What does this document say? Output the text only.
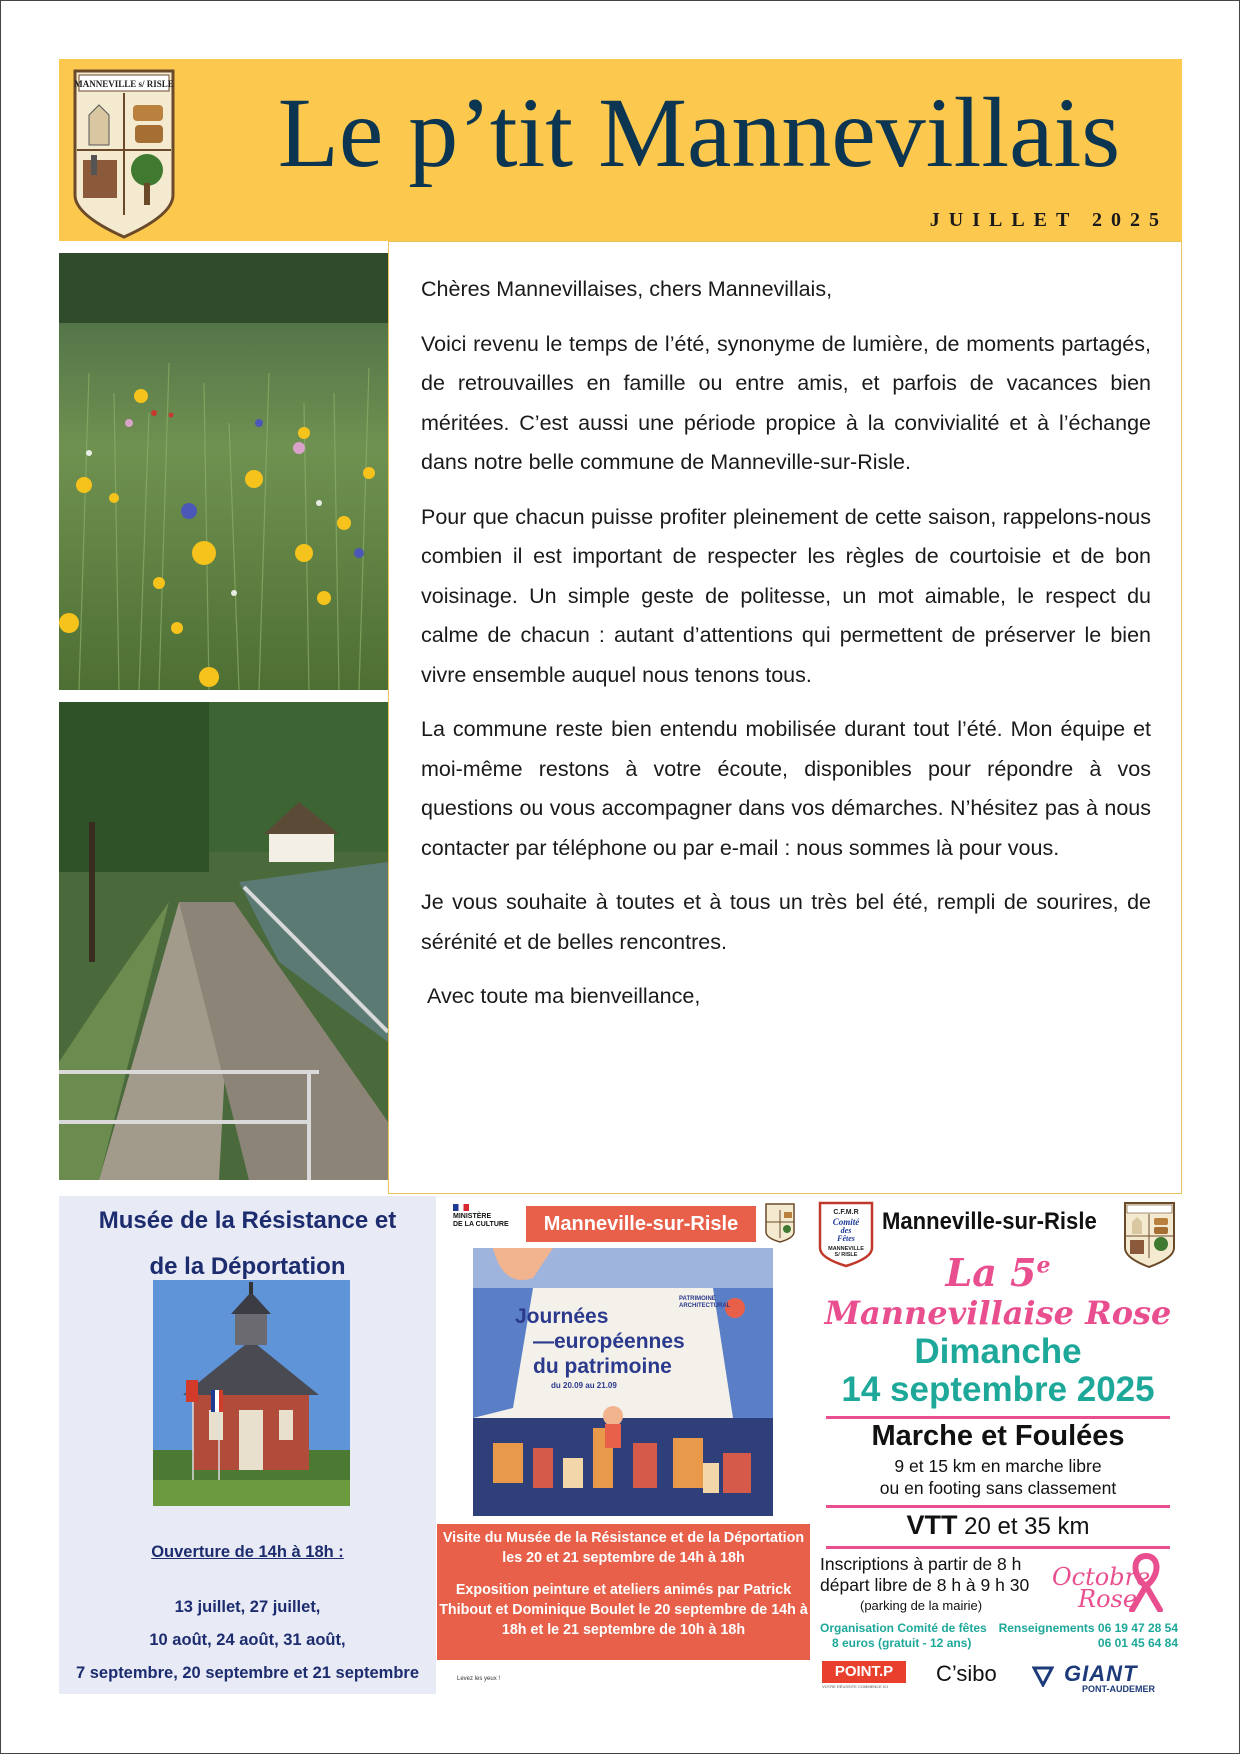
MANNEVILLE s/ RISLE	Le p’tit Mannevillais
JUILLET 2025

Chères Mannevillaises, chers Mannevillais,

Voici revenu le temps de l’été, synonyme de lumière, de moments partagés, de retrouvailles en famille ou entre amis, et parfois de vacances bien méritées. C’est aussi une période propice à la convivialité et à l’échange dans notre belle commune de Manneville-sur-Risle.

Pour que chacun puisse profiter pleinement de cette saison, rappelons-nous combien il est important de respecter les règles de courtoisie et de bon voisinage. Un simple geste de politesse, un mot aimable, le respect du calme de chacun : autant d’attentions qui permettent de préserver le bien vivre ensemble auquel nous tenons tous.

La commune reste bien entendu mobilisée durant tout l’été. Mon équipe et moi-même restons à votre écoute, disponibles pour répondre à vos questions ou vous accompagner dans vos démarches. N’hésitez pas à nous contacter par téléphone ou par e-mail : nous sommes là pour vous.

Je vous souhaite à toutes et à tous un très bel été, rempli de sourires, de sérénité et de belles rencontres.

Avec toute ma bienveillance,

Musée de la Résistance et
de la Déportation
Ouverture de 14h à 18h :
13 juillet, 27 juillet,
10 août, 24 août, 31 août,
7 septembre, 20 septembre et 21 septembre
MINISTÈRE
DE LA CULTURE	Manneville-sur-Risle
Journées
—européennes
du patrimoine
PATRIMOINE
ARCHITECTURAL
du 20.09 au 21.09

Visite du Musée de la Résistance et de la Déportation les 20 et 21 septembre de 14h à 18h

Exposition peinture et ateliers animés par Patrick Thibout et Dominique Boulet le 20 septembre de 14h à 18h et le 21 septembre de 10h à 18h

Levez les yeux !
C.F.M.R
Comité
des
Fêtes
MANNEVILLE
S/ RISLE
Manneville-sur-Risle
La 5e
Mannevillaise Rose
Dimanche
14 septembre 2025
Marche et Foulées
9 et 15 km en marche libre
ou en footing sans classement
VTT 20 et 35 km
Inscriptions à partir de 8 h
départ libre de 8 h à 9 h 30
(parking de la mairie)
Octobre
Rose
Organisation Comité de fêtes
8 euros (gratuit - 12 ans)
Renseignements 06 19 47 28 54
06 01 45 64 84
POINT.P
VOTRE RÉUSSITE COMMENCE ICI
C’sibo	GIANT
PONT-AUDEMER
